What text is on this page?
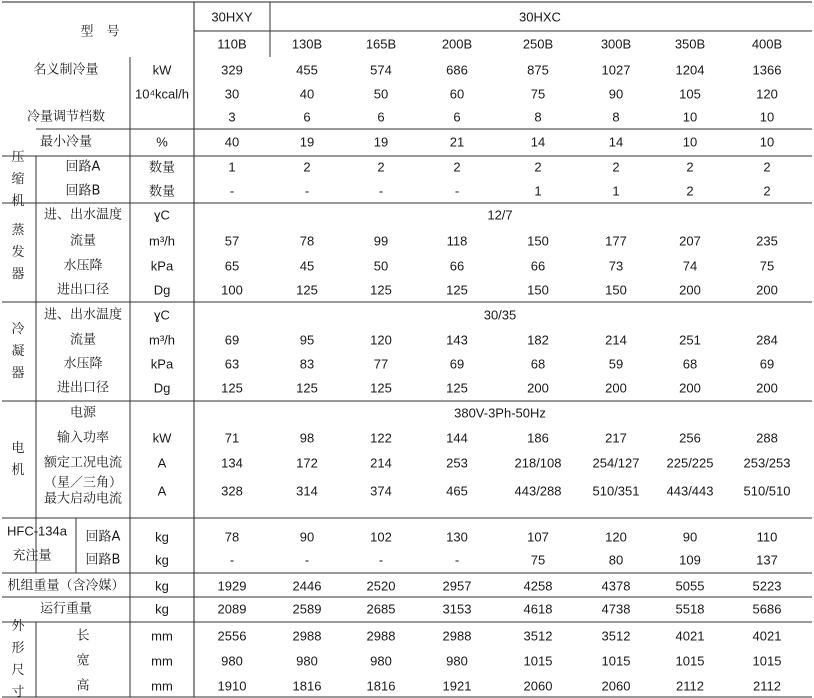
型　号
30HXY	30HXC
110B	130B	165B	200B	250B	300B	350B	400B
名义制冷量	kW	329	455	574	686	875	1027	1204	1366
10⁴kcal/h	30	40	50	60	75	90	105	120
冷量调节档数	3	6	6	6	8	8	10	10
最小冷量	%	40	19	19	21	14	14	10	10
压
缩
机
回路A	数量	1	2	2	2	2	2	2	2
回路B	数量	-	-	-	-	1	1	2	2
蒸
发
器
进、出水温度 ɣC	12/7
流量	m³/h	57	78	99	118	150	177	207	235
水压降	kPa	65	45	50	66	66	73	74	75
进出口径	Dg	100	125	125	125	150	150	200	200
冷
凝
器
进、出水温度 ɣC	30/35
流量	m³/h	69	95	120	143	182	214	251	284
水压降	kPa	63	83	77	69	68	59	68	69
进出口径	Dg	125	125	125	125	200	200	200	200
电
机
电源	380V-3Ph-50Hz
输入功率	kW	71	98	122	144	186	217	256	288
额定工况电流	A	134	172	214	253	218/108 254/127 225/225 253/253
（星／三角）
最大启动电流
A	328	314	374	465	443/288 510/351 443/443 510/510
HFC-134a
充注量
回路A	kg	78	90	102	130	107	120	90	110
回路B	kg	-	-	-	-	75	80	109	137
机组重量（含冷媒） kg	1929	2446	2520	2957	4258	4378	5055	5223
运行重量	kg	2089	2589	2685	3153	4618	4738	5518	5686
外
形
尺
寸
长	mm	2556	2988	2988	2988	3512	3512	4021	4021
宽	mm	980	980	980	980	1015	1015	1015	1015
高	mm	1910	1816	1816	1921	2060	2060	2112	2112
